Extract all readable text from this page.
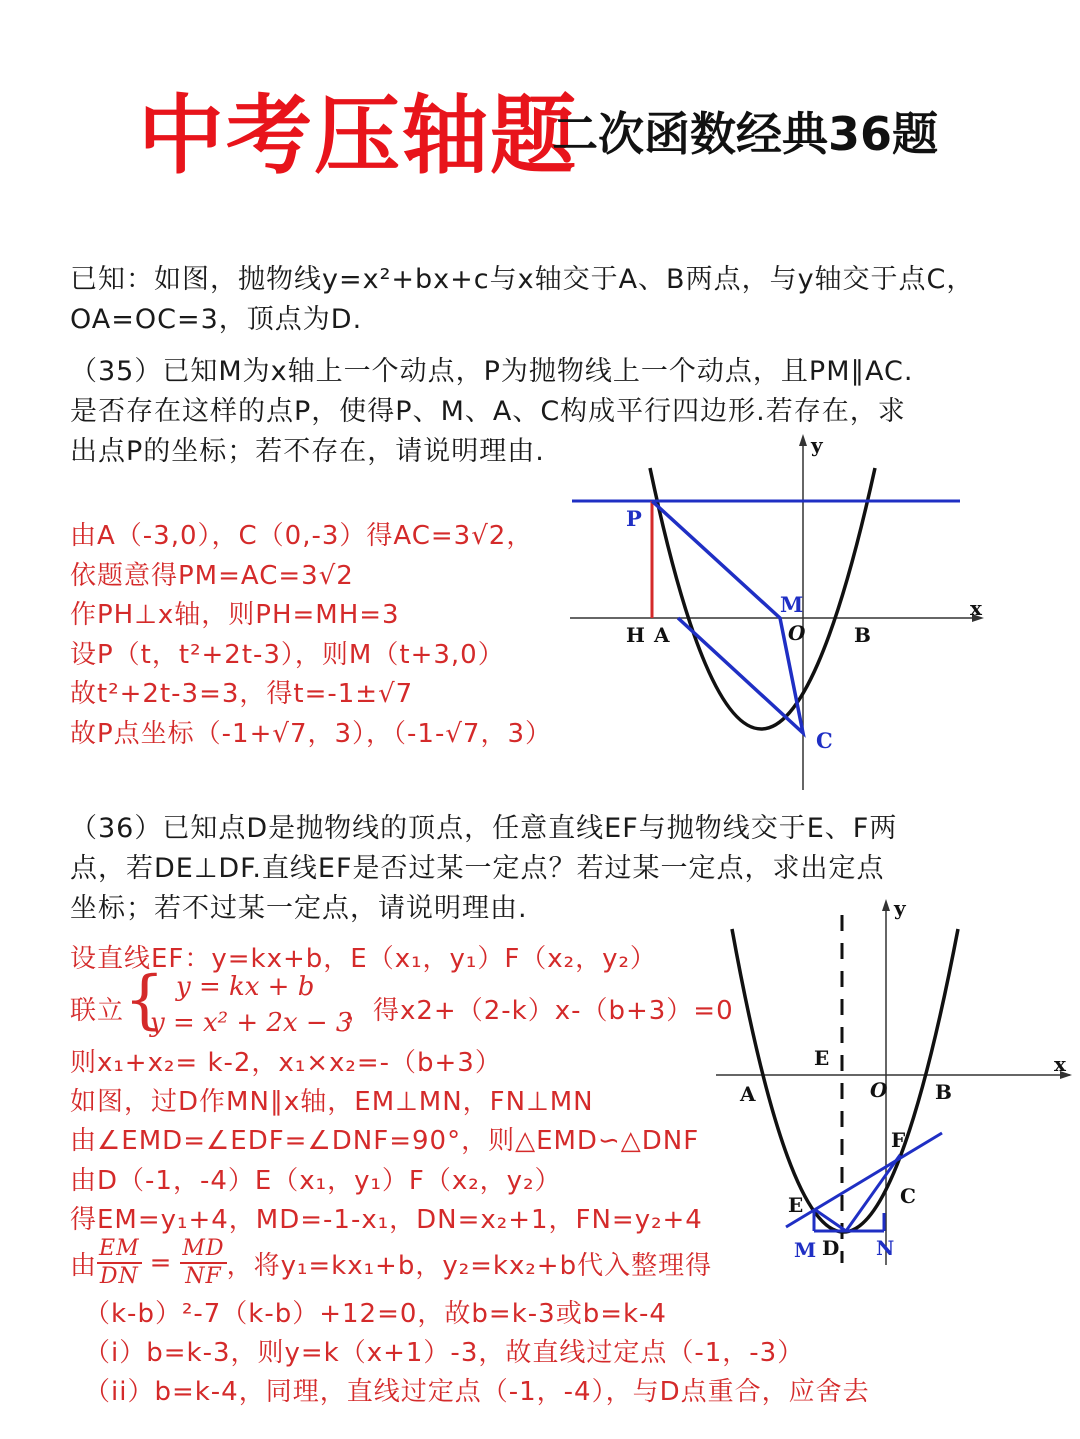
中考压轴题
二次函数经典36题
已知：如图，抛物线y=x²+bx+c与x轴交于A、B两点，与y轴交于点C，
OA=OC=3，顶点为D.
（35）已知M为x轴上一个动点，P为抛物线上一个动点，且PM∥AC.
是否存在这样的点P，使得P、M、A、C构成平行四边形.若存在，求
出点P的坐标；若不存在，请说明理由.
由A（-3,0），C（0,-3）得AC=3√2，
依题意得PM=AC=3√2
作PH⊥x轴，则PH=MH=3
设P（t，t²+2t-3），则M（t+3,0）
故t²+2t-3=3，得t=-1±√7
故P点坐标（-1+√7，3），（-1-√7，3）
y
x
P
M
H A	O B
C
（36）已知点D是抛物线的顶点，任意直线EF与抛物线交于E、F两
点，若DE⊥DF.直线EF是否过某一定点？若过某一定点，求出定点
坐标；若不过某一定点，请说明理由.
设直线EF：y=kx+b，E（x₁，y₁）F（x₂，y₂）
联立 { y = kx + b
y = x² + 2x − 3
，得x2+（2-k）x-（b+3）=0
则x₁+x₂= k-2，x₁×x₂=-（b+3）
如图，过D作MN∥x轴，EM⊥MN，FN⊥MN
由∠EMD=∠EDF=∠DNF=90°，则△EMD∽△DNF
由D（-1，-4）E（x₁，y₁）F（x₂，y₂）
得EM=y₁+4，MD=-1-x₁，DN=x₂+1，FN=y₂+4
由 $\frac{EM}{DN} = \frac{MD}{NF}$ ，将y₁=kx₁+b，y₂=kx₂+b代入整理得
（k-b）²-7（k-b）+12=0，故b=k-3或b=k-4
（i）b=k-3，则y=k（x+1）-3，故直线过定点（-1，-3）
（ii）b=k-4，同理，直线过定点（-1，-4），与D点重合，应舍去
y
x
E
A	O B
F
C
E
M D N
